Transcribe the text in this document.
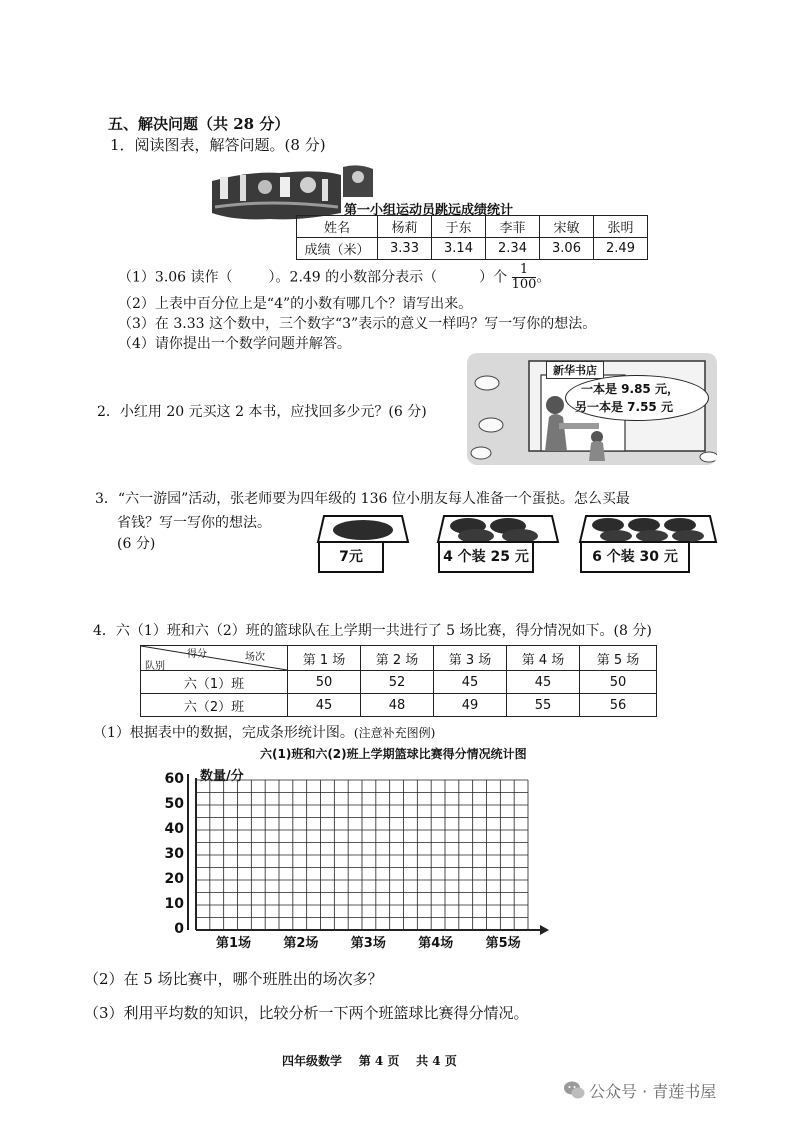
五、解决问题（共 28 分）
1．阅读图表，解答问题。(8 分)
第一小组运动员跳远成绩统计
姓名	杨莉	于东	李菲	宋敏	张明
成绩（米）	3.33	3.14	2.34	3.06	2.49
（1）3.06 读作（	）。2.49 的小数部分表示（	）个 $\frac{1}{100}$ 。
（2）上表中百分位上是“4”的小数有哪几个？请写出来。
（3）在 3.33 这个数中，三个数字“3”表示的意义一样吗？写一写你的想法。
（4）请你提出一个数学问题并解答。
2．小红用 20 元买这 2 本书，应找回多少元？(6 分)
新华书店
一本是 9.85 元，
另一本是 7.55 元
3．“六一游园”活动，张老师要为四年级的 136 位小朋友每人准备一个蛋挞。怎么买最
省钱？写一写你的想法。
(6 分)
7元	4 个装 25 元	6 个装 30 元
4．六（1）班和六（2）班的篮球队在上学期一共进行了 5 场比赛，得分情况如下。(8 分)
得分 场次
队别	第 1 场	第 2 场	第 3 场	第 4 场	第 5 场
六（1）班	50	52	45	45	50
六（2）班	45	48	49	55	56
（1）根据表中的数据，完成条形统计图。(注意补充图例)
六(1)班和六(2)班上学期篮球比赛得分情况统计图
数量/分
0
10
20
30
40
50
60
第1场 第2场 第3场 第4场 第5场
（2）在 5 场比赛中，哪个班胜出的场次多？
（3）利用平均数的知识，比较分析一下两个班篮球比赛得分情况。
四年级数学    第 4 页    共 4 页
公众号 · 青莲书屋
